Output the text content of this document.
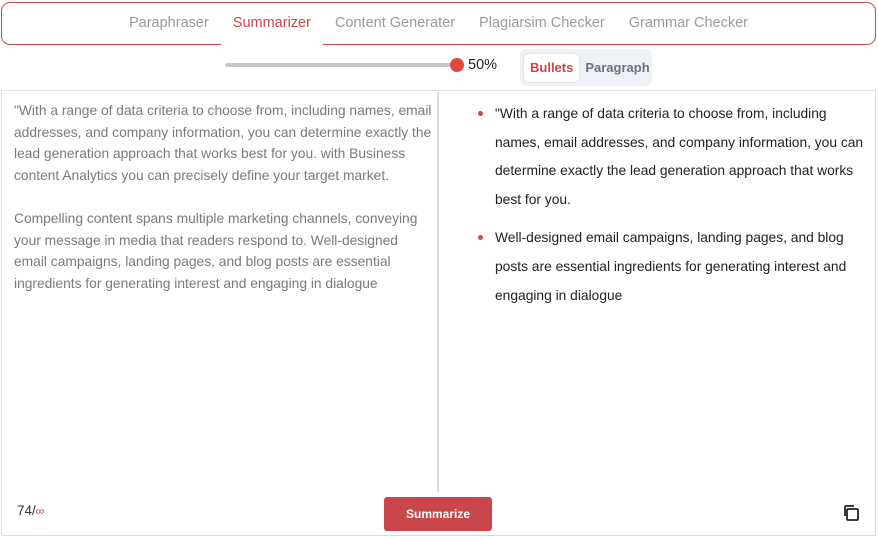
Paraphraser	Summarizer	Content Generater	Plagiarsim Checker	Grammar Checker
50%	Bullets Paragraph

"With a range of data criteria to choose from, including names, email addresses, and company information, you can determine exactly the lead generation approach that works best for you. with Business content Analytics you can precisely define your target market.

Compelling content spans multiple marketing channels, conveying your message in media that readers respond to. Well-designed email campaigns, landing pages, and blog posts are essential ingredients for generating interest and engaging in dialogue

"With a range of data criteria to choose from, including names, email addresses, and company information, you can determine exactly the lead generation approach that works best for you.
Well-designed email campaigns, landing pages, and blog posts are essential ingredients for generating interest and engaging in dialogue
74/∞	Summarize
